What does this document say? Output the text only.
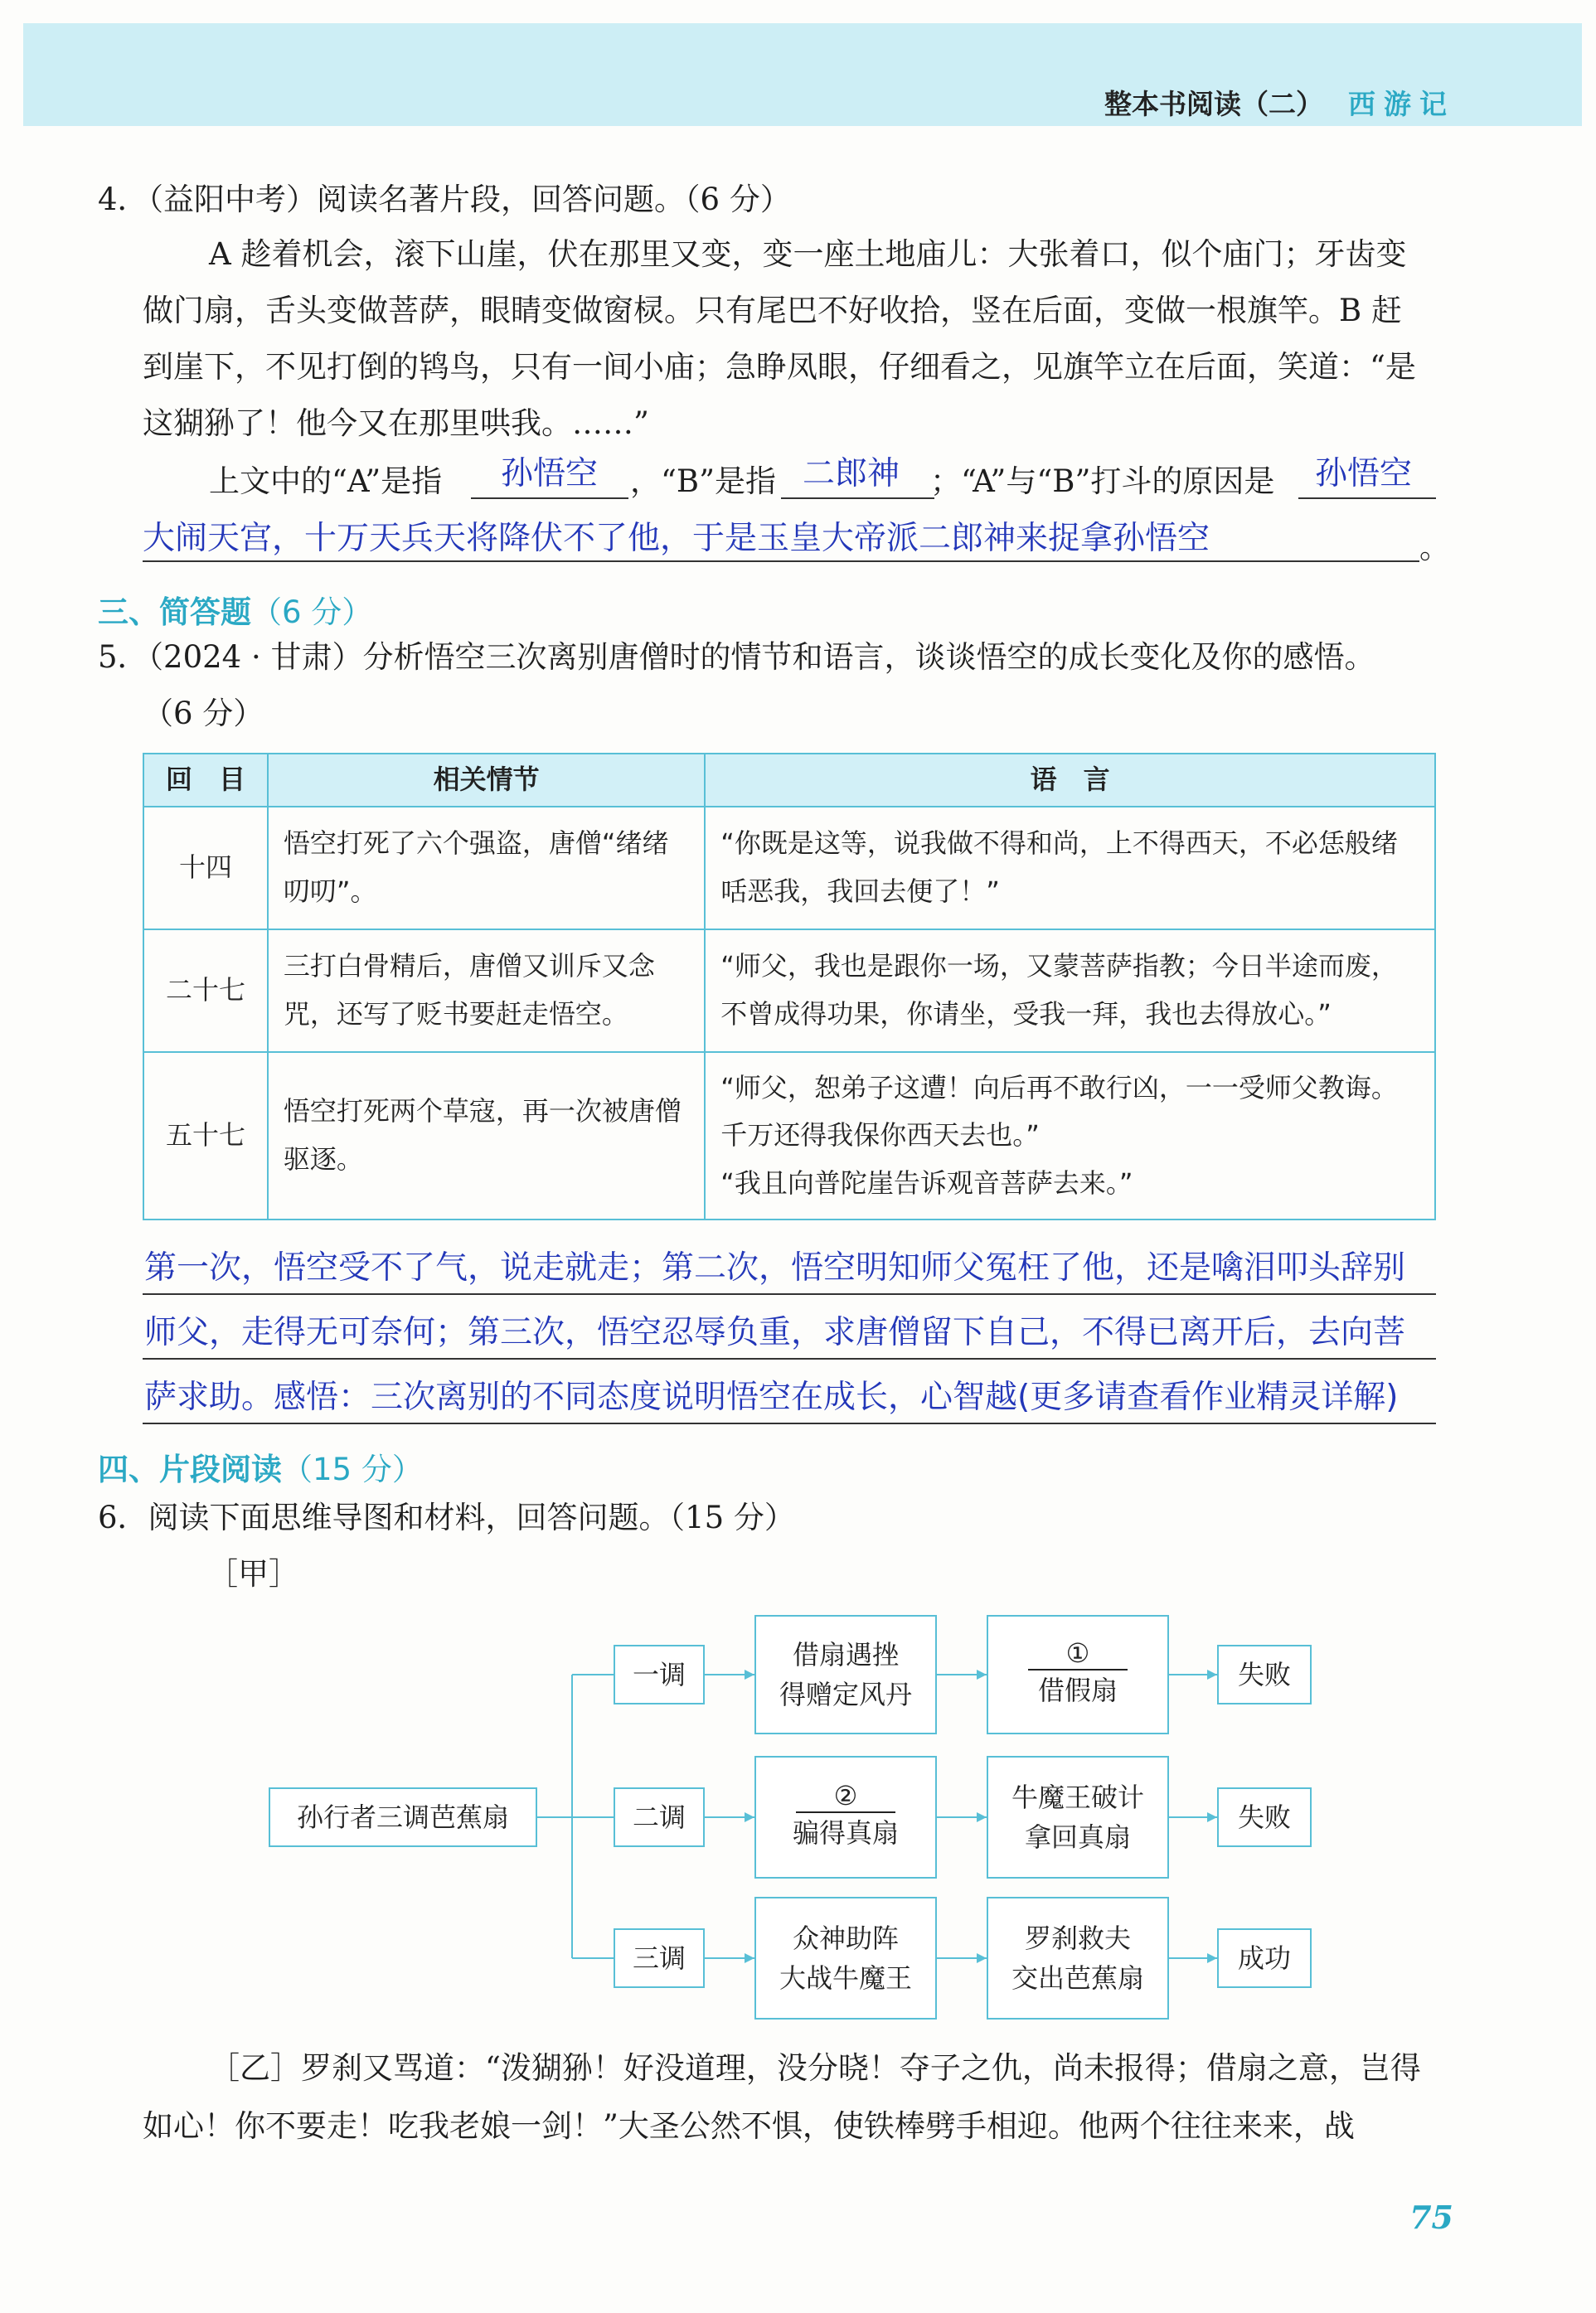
整本书阅读（二） 西游记
4．（益阳中考）阅读名著片段，回答问题。（6 分）
A 趁着机会，滚下山崖，伏在那里又变，变一座土地庙儿：大张着口，似个庙门；牙齿变
做门扇，舌头变做菩萨，眼睛变做窗棂。只有尾巴不好收拾，竖在后面，变做一根旗竿。B 赶
到崖下，不见打倒的鸨鸟，只有一间小庙；急睁凤眼，仔细看之，见旗竿立在后面，笑道：“是
这猢狲了！他今又在那里哄我。……”
上文中的“A”是指 孙悟空 ，“B”是指 二郎神 ；“A”与“B”打斗的原因是 孙悟空
大闹天宫，十万天兵天将降伏不了他，于是玉皇大帝派二郎神来捉拿孙悟空	。
三、简答题（6 分）
5．（2024 · 甘肃）分析悟空三次离别唐僧时的情节和语言，谈谈悟空的成长变化及你的感悟。
（6 分）
回　目	相关情节	语　言
十四	悟空打死了六个强盗，唐僧“绪绪叨叨”。	“你既是这等，说我做不得和尚，上不得西天，不必恁般绪咶恶我，我回去便了！”
二十七	三打白骨精后，唐僧又训斥又念咒，还写了贬书要赶走悟空。	“师父，我也是跟你一场，又蒙菩萨指教；今日半途而废，不曾成得功果，你请坐，受我一拜，我也去得放心。”
五十七	悟空打死两个草寇，再一次被唐僧驱逐。	“师父，恕弟子这遭！向后再不敢行凶，一一受师父教诲。千万还得我保你西天去也。”
“我且向普陀崖告诉观音菩萨去来。”
第一次，悟空受不了气，说走就走；第二次，悟空明知师父冤枉了他，还是噙泪叩头辞别
师父，走得无可奈何；第三次，悟空忍辱负重，求唐僧留下自己，不得已离开后，去向菩
萨求助。感悟：三次离别的不同态度说明悟空在成长，心智越(更多请查看作业精灵详解)
四、片段阅读（15 分）
6．阅读下面思维导图和材料，回答问题。（15 分）
［甲］
孙行者三调芭蕉扇
一调
借扇遇挫
得赠定风丹
①
借假扇	失败
二调
②
骗得真扇
牛魔王破计
拿回真扇
失败
三调
众神助阵
大战牛魔王
罗刹救夫
交出芭蕉扇
成功
［乙］罗刹又骂道：“泼猢狲！好没道理，没分晓！夺子之仇，尚未报得；借扇之意，岂得
如心！你不要走！吃我老娘一剑！”大圣公然不惧，使铁棒劈手相迎。他两个往往来来，战
75
